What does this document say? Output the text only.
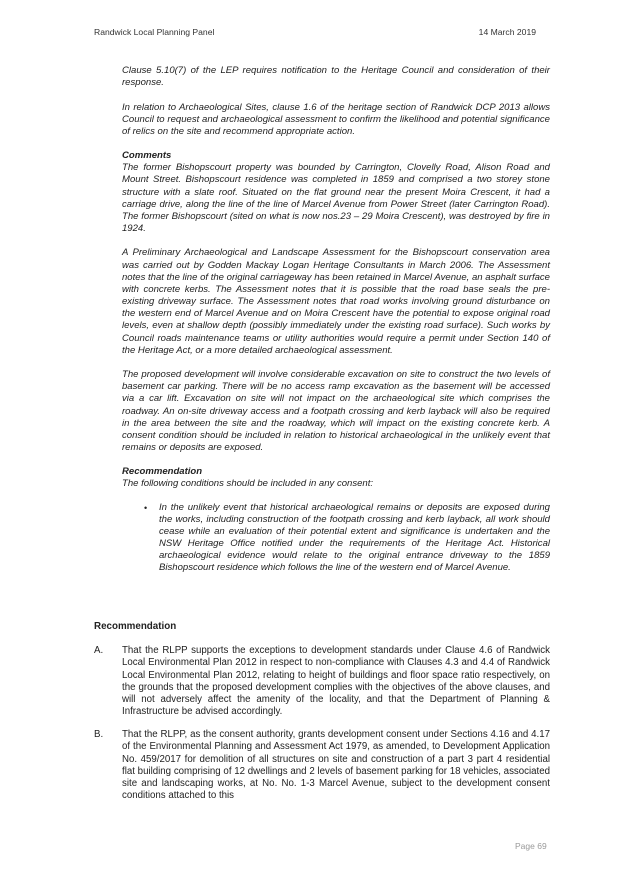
Randwick Local Planning Panel	14 March 2019

Clause 5.10(7) of the LEP requires notification to the Heritage Council and consideration of their response.

In relation to Archaeological Sites, clause 1.6 of the heritage section of Randwick DCP 2013 allows Council to request and archaeological assessment to confirm the likelihood and potential significance of relics on the site and recommend appropriate action.

Comments

The former Bishopscourt property was bounded by Carrington, Clovelly Road, Alison Road and Mount Street. Bishopscourt residence was completed in 1859 and comprised a two storey stone structure with a slate roof. Situated on the flat ground near the present Moira Crescent, it had a carriage drive, along the line of the line of Marcel Avenue from Power Street (later Carrington Road). The former Bishopscourt (sited on what is now nos.23 – 29 Moira Crescent), was destroyed by fire in 1924.

A Preliminary Archaeological and Landscape Assessment for the Bishopscourt conservation area was carried out by Godden Mackay Logan Heritage Consultants in March 2006. The Assessment notes that the line of the original carriageway has been retained in Marcel Avenue, an asphalt surface with concrete kerbs. The Assessment notes that it is possible that the road base seals the pre-existing driveway surface. The Assessment notes that road works involving ground disturbance on the western end of Marcel Avenue and on Moira Crescent have the potential to expose original road levels, even at shallow depth (possibly immediately under the existing road surface). Such works by Council roads maintenance teams or utility authorities would require a permit under Section 140 of the Heritage Act, or a more detailed archaeological assessment.

The proposed development will involve considerable excavation on site to construct the two levels of basement car parking. There will be no access ramp excavation as the basement will be accessed via a car lift. Excavation on site will not impact on the archaeological site which comprises the roadway. An on-site driveway access and a footpath crossing and kerb layback will also be required in the area between the site and the roadway, which will impact on the existing concrete kerb. A consent condition should be included in relation to historical archaeological in the unlikely event that remains or deposits are exposed.

Recommendation

The following conditions should be included in any consent:

• In the unlikely event that historical archaeological remains or deposits are exposed during the works, including construction of the footpath crossing and kerb layback, all work should cease while an evaluation of their potential extent and significance is undertaken and the NSW Heritage Office notified under the requirements of the Heritage Act. Historical archaeological evidence would relate to the original entrance driveway to the 1859 Bishopscourt residence which follows the line of the western end of Marcel Avenue.
Recommendation
A. That the RLPP supports the exceptions to development standards under Clause 4.6 of Randwick Local Environmental Plan 2012 in respect to non-compliance with Clauses 4.3 and 4.4 of Randwick Local Environmental Plan 2012, relating to height of buildings and floor space ratio respectively, on the grounds that the proposed development complies with the objectives of the above clauses, and will not adversely affect the amenity of the locality, and that the Department of Planning & Infrastructure be advised accordingly.
B. That the RLPP, as the consent authority, grants development consent under Sections 4.16 and 4.17 of the Environmental Planning and Assessment Act 1979, as amended, to Development Application No. 459/2017 for demolition of all structures on site and construction of a part 3 part 4 residential flat building comprising of 12 dwellings and 2 levels of basement parking for 18 vehicles, associated site and landscaping works, at No. No. 1-3 Marcel Avenue, subject to the development consent conditions attached to this
Page 69
